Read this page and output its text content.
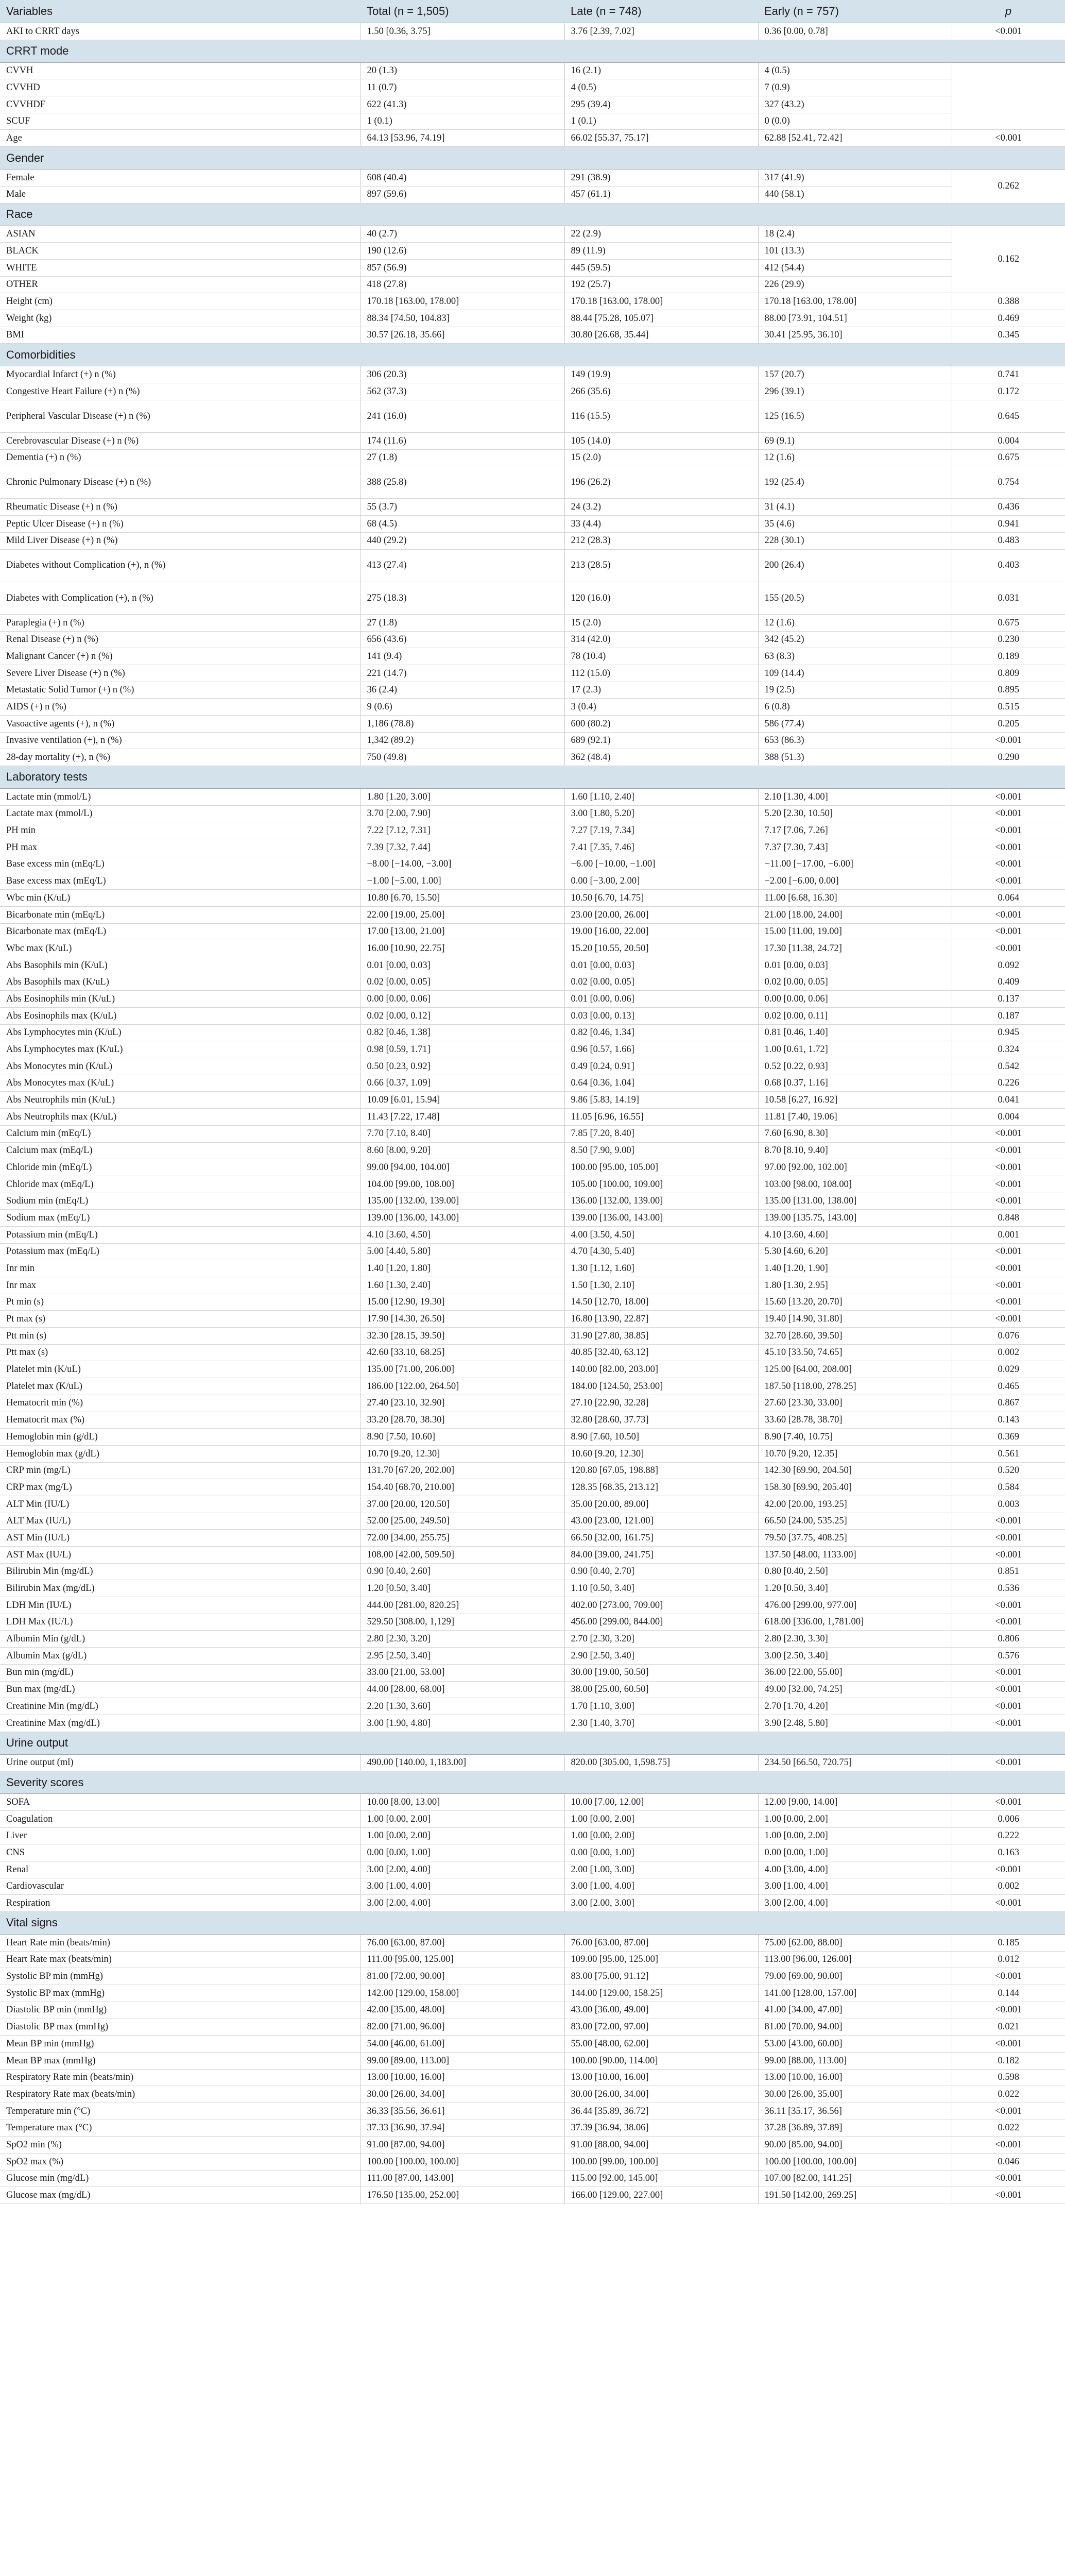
Variables	Total (n = 1,505)	Late (n = 748)	Early (n = 757)	p
AKI to CRRT days	1.50 [0.36, 3.75]	3.76 [2.39, 7.02]	0.36 [0.00, 0.78]	<0.001
CRRT mode				
CVVH	20 (1.3)	16 (2.1)	4 (0.5)	
CVVHD	11 (0.7)	4 (0.5)	7 (0.9)	
CVVHDF	622 (41.3)	295 (39.4)	327 (43.2)	
SCUF	1 (0.1)	1 (0.1)	0 (0.0)	
Age	64.13 [53.96, 74.19]	66.02 [55.37, 75.17]	62.88 [52.41, 72.42]	<0.001
Gender				
Female	608 (40.4)	291 (38.9)	317 (41.9)	0.262
Male	897 (59.6)	457 (61.1)	440 (58.1)	
Race				
ASIAN	40 (2.7)	22 (2.9)	18 (2.4)	0.162
BLACK	190 (12.6)	89 (11.9)	101 (13.3)	
WHITE	857 (56.9)	445 (59.5)	412 (54.4)	
OTHER	418 (27.8)	192 (25.7)	226 (29.9)	
Height (cm)	170.18 [163.00, 178.00]	170.18 [163.00, 178.00]	170.18 [163.00, 178.00]	0.388
Weight (kg)	88.34 [74.50, 104.83]	88.44 [75.28, 105.07]	88.00 [73.91, 104.51]	0.469
BMI	30.57 [26.18, 35.66]	30.80 [26.68, 35.44]	30.41 [25.95, 36.10]	0.345
Comorbidities				
Myocardial Infarct (+) n (%)	306 (20.3)	149 (19.9)	157 (20.7)	0.741
Congestive Heart Failure (+) n (%)	562 (37.3)	266 (35.6)	296 (39.1)	0.172
Peripheral Vascular Disease (+) n (%)	241 (16.0)	116 (15.5)	125 (16.5)	0.645
Cerebrovascular Disease (+) n (%)	174 (11.6)	105 (14.0)	69 (9.1)	0.004
Dementia (+) n (%)	27 (1.8)	15 (2.0)	12 (1.6)	0.675
Chronic Pulmonary Disease (+) n (%)	388 (25.8)	196 (26.2)	192 (25.4)	0.754
Rheumatic Disease (+) n (%)	55 (3.7)	24 (3.2)	31 (4.1)	0.436
Peptic Ulcer Disease (+) n (%)	68 (4.5)	33 (4.4)	35 (4.6)	0.941
Mild Liver Disease (+) n (%)	440 (29.2)	212 (28.3)	228 (30.1)	0.483
Diabetes without Complication (+), n (%)	413 (27.4)	213 (28.5)	200 (26.4)	0.403
Diabetes with Complication (+), n (%)	275 (18.3)	120 (16.0)	155 (20.5)	0.031
Paraplegia (+) n (%)	27 (1.8)	15 (2.0)	12 (1.6)	0.675
Renal Disease (+) n (%)	656 (43.6)	314 (42.0)	342 (45.2)	0.230
Malignant Cancer (+) n (%)	141 (9.4)	78 (10.4)	63 (8.3)	0.189
Severe Liver Disease (+) n (%)	221 (14.7)	112 (15.0)	109 (14.4)	0.809
Metastatic Solid Tumor (+) n (%)	36 (2.4)	17 (2.3)	19 (2.5)	0.895
AIDS (+) n (%)	9 (0.6)	3 (0.4)	6 (0.8)	0.515
Vasoactive agents (+), n (%)	1,186 (78.8)	600 (80.2)	586 (77.4)	0.205
Invasive ventilation (+), n (%)	1,342 (89.2)	689 (92.1)	653 (86.3)	<0.001
28-day mortality (+), n (%)	750 (49.8)	362 (48.4)	388 (51.3)	0.290
Laboratory tests				
Lactate min (mmol/L)	1.80 [1.20, 3.00]	1.60 [1.10, 2.40]	2.10 [1.30, 4.00]	<0.001
Lactate max (mmol/L)	3.70 [2.00, 7.90]	3.00 [1.80, 5.20]	5.20 [2.30, 10.50]	<0.001
PH min	7.22 [7.12, 7.31]	7.27 [7.19, 7.34]	7.17 [7.06, 7.26]	<0.001
PH max	7.39 [7.32, 7.44]	7.41 [7.35, 7.46]	7.37 [7.30, 7.43]	<0.001
Base excess min (mEq/L)	−8.00 [−14.00, −3.00]	−6.00 [−10.00, −1.00]	−11.00 [−17.00, −6.00]	<0.001
Base excess max (mEq/L)	−1.00 [−5.00, 1.00]	0.00 [−3.00, 2.00]	−2.00 [−6.00, 0.00]	<0.001
Wbc min (K/uL)	10.80 [6.70, 15.50]	10.50 [6.70, 14.75]	11.00 [6.68, 16.30]	0.064
Bicarbonate min (mEq/L)	22.00 [19.00, 25.00]	23.00 [20.00, 26.00]	21.00 [18.00, 24.00]	<0.001
Bicarbonate max (mEq/L)	17.00 [13.00, 21.00]	19.00 [16.00, 22.00]	15.00 [11.00, 19.00]	<0.001
Wbc max (K/uL)	16.00 [10.90, 22.75]	15.20 [10.55, 20.50]	17.30 [11.38, 24.72]	<0.001
Abs Basophils min (K/uL)	0.01 [0.00, 0.03]	0.01 [0.00, 0.03]	0.01 [0.00, 0.03]	0.092
Abs Basophils max (K/uL)	0.02 [0.00, 0.05]	0.02 [0.00, 0.05]	0.02 [0.00, 0.05]	0.409
Abs Eosinophils min (K/uL)	0.00 [0.00, 0.06]	0.01 [0.00, 0.06]	0.00 [0.00, 0.06]	0.137
Abs Eosinophils max (K/uL)	0.02 [0.00, 0.12]	0.03 [0.00, 0.13]	0.02 [0.00, 0.11]	0.187
Abs Lymphocytes min (K/uL)	0.82 [0.46, 1.38]	0.82 [0.46, 1.34]	0.81 [0.46, 1.40]	0.945
Abs Lymphocytes max (K/uL)	0.98 [0.59, 1.71]	0.96 [0.57, 1.66]	1.00 [0.61, 1.72]	0.324
Abs Monocytes min (K/uL)	0.50 [0.23, 0.92]	0.49 [0.24, 0.91]	0.52 [0.22, 0.93]	0.542
Abs Monocytes max (K/uL)	0.66 [0.37, 1.09]	0.64 [0.36, 1.04]	0.68 [0.37, 1.16]	0.226
Abs Neutrophils min (K/uL)	10.09 [6.01, 15.94]	9.86 [5.83, 14.19]	10.58 [6.27, 16.92]	0.041
Abs Neutrophils max (K/uL)	11.43 [7.22, 17.48]	11.05 [6.96, 16.55]	11.81 [7.40, 19.06]	0.004
Calcium min (mEq/L)	7.70 [7.10, 8.40]	7.85 [7.20, 8.40]	7.60 [6.90, 8.30]	<0.001
Calcium max (mEq/L)	8.60 [8.00, 9.20]	8.50 [7.90, 9.00]	8.70 [8.10, 9.40]	<0.001
Chloride min (mEq/L)	99.00 [94.00, 104.00]	100.00 [95.00, 105.00]	97.00 [92.00, 102.00]	<0.001
Chloride max (mEq/L)	104.00 [99.00, 108.00]	105.00 [100.00, 109.00]	103.00 [98.00, 108.00]	<0.001
Sodium min (mEq/L)	135.00 [132.00, 139.00]	136.00 [132.00, 139.00]	135.00 [131.00, 138.00]	<0.001
Sodium max (mEq/L)	139.00 [136.00, 143.00]	139.00 [136.00, 143.00]	139.00 [135.75, 143.00]	0.848
Potassium min (mEq/L)	4.10 [3.60, 4.50]	4.00 [3.50, 4.50]	4.10 [3.60, 4.60]	0.001
Potassium max (mEq/L)	5.00 [4.40, 5.80]	4.70 [4.30, 5.40]	5.30 [4.60, 6.20]	<0.001
Inr min	1.40 [1.20, 1.80]	1.30 [1.12, 1.60]	1.40 [1.20, 1.90]	<0.001
Inr max	1.60 [1.30, 2.40]	1.50 [1.30, 2.10]	1.80 [1.30, 2.95]	<0.001
Pt min (s)	15.00 [12.90, 19.30]	14.50 [12.70, 18.00]	15.60 [13.20, 20.70]	<0.001
Pt max (s)	17.90 [14.30, 26.50]	16.80 [13.90, 22.87]	19.40 [14.90, 31.80]	<0.001
Ptt min (s)	32.30 [28.15, 39.50]	31.90 [27.80, 38.85]	32.70 [28.60, 39.50]	0.076
Ptt max (s)	42.60 [33.10, 68.25]	40.85 [32.40, 63.12]	45.10 [33.50, 74.65]	0.002
Platelet min (K/uL)	135.00 [71.00, 206.00]	140.00 [82.00, 203.00]	125.00 [64.00, 208.00]	0.029
Platelet max (K/uL)	186.00 [122.00, 264.50]	184.00 [124.50, 253.00]	187.50 [118.00, 278.25]	0.465
Hematocrit min (%)	27.40 [23.10, 32.90]	27.10 [22.90, 32.28]	27.60 [23.30, 33.00]	0.867
Hematocrit max (%)	33.20 [28.70, 38.30]	32.80 [28.60, 37.73]	33.60 [28.78, 38.70]	0.143
Hemoglobin min (g/dL)	8.90 [7.50, 10.60]	8.90 [7.60, 10.50]	8.90 [7.40, 10.75]	0.369
Hemoglobin max (g/dL)	10.70 [9.20, 12.30]	10.60 [9.20, 12.30]	10.70 [9.20, 12.35]	0.561
CRP min (mg/L)	131.70 [67.20, 202.00]	120.80 [67.05, 198.88]	142.30 [69.90, 204.50]	0.520
CRP max (mg/L)	154.40 [68.70, 210.00]	128.35 [68.35, 213.12]	158.30 [69.90, 205.40]	0.584
ALT Min (IU/L)	37.00 [20.00, 120.50]	35.00 [20.00, 89.00]	42.00 [20.00, 193.25]	0.003
ALT Max (IU/L)	52.00 [25.00, 249.50]	43.00 [23.00, 121.00]	66.50 [24.00, 535.25]	<0.001
AST Min (IU/L)	72.00 [34.00, 255.75]	66.50 [32.00, 161.75]	79.50 [37.75, 408.25]	<0.001
AST Max (IU/L)	108.00 [42.00, 509.50]	84.00 [39.00, 241.75]	137.50 [48.00, 1133.00]	<0.001
Bilirubin Min (mg/dL)	0.90 [0.40, 2.60]	0.90 [0.40, 2.70]	0.80 [0.40, 2.50]	0.851
Bilirubin Max (mg/dL)	1.20 [0.50, 3.40]	1.10 [0.50, 3.40]	1.20 [0.50, 3.40]	0.536
LDH Min (IU/L)	444.00 [281.00, 820.25]	402.00 [273.00, 709.00]	476.00 [299.00, 977.00]	<0.001
LDH Max (IU/L)	529.50 [308.00, 1,129]	456.00 [299.00, 844.00]	618.00 [336.00, 1,781.00]	<0.001
Albumin Min (g/dL)	2.80 [2.30, 3.20]	2.70 [2.30, 3.20]	2.80 [2.30, 3.30]	0.806
Albumin Max (g/dL)	2.95 [2.50, 3.40]	2.90 [2.50, 3.40]	3.00 [2.50, 3.40]	0.576
Bun min (mg/dL)	33.00 [21.00, 53.00]	30.00 [19.00, 50.50]	36.00 [22.00, 55.00]	<0.001
Bun max (mg/dL)	44.00 [28.00, 68.00]	38.00 [25.00, 60.50]	49.00 [32.00, 74.25]	<0.001
Creatinine Min (mg/dL)	2.20 [1.30, 3.60]	1.70 [1.10, 3.00]	2.70 [1.70, 4.20]	<0.001
Creatinine Max (mg/dL)	3.00 [1.90, 4.80]	2.30 [1.40, 3.70]	3.90 [2.48, 5.80]	<0.001
Urine output				
Urine output (ml)	490.00 [140.00, 1,183.00]	820.00 [305.00, 1,598.75]	234.50 [66.50, 720.75]	<0.001
Severity scores				
SOFA	10.00 [8.00, 13.00]	10.00 [7.00, 12.00]	12.00 [9.00, 14.00]	<0.001
Coagulation	1.00 [0.00, 2.00]	1.00 [0.00, 2.00]	1.00 [0.00, 2.00]	0.006
Liver	1.00 [0.00, 2.00]	1.00 [0.00, 2.00]	1.00 [0.00, 2.00]	0.222
CNS	0.00 [0.00, 1.00]	0.00 [0.00, 1.00]	0.00 [0.00, 1.00]	0.163
Renal	3.00 [2.00, 4.00]	2.00 [1.00, 3.00]	4.00 [3.00, 4.00]	<0.001
Cardiovascular	3.00 [1.00, 4.00]	3.00 [1.00, 4.00]	3.00 [1.00, 4.00]	0.002
Respiration	3.00 [2.00, 4.00]	3.00 [2.00, 3.00]	3.00 [2.00, 4.00]	<0.001
Vital signs				
Heart Rate min (beats/min)	76.00 [63.00, 87.00]	76.00 [63.00, 87.00]	75.00 [62.00, 88.00]	0.185
Heart Rate max (beats/min)	111.00 [95.00, 125.00]	109.00 [95.00, 125.00]	113.00 [96.00, 126.00]	0.012
Systolic BP min (mmHg)	81.00 [72.00, 90.00]	83.00 [75.00, 91.12]	79.00 [69.00, 90.00]	<0.001
Systolic BP max (mmHg)	142.00 [129.00, 158.00]	144.00 [129.00, 158.25]	141.00 [128.00, 157.00]	0.144
Diastolic BP min (mmHg)	42.00 [35.00, 48.00]	43.00 [36.00, 49.00]	41.00 [34.00, 47.00]	<0.001
Diastolic BP max (mmHg)	82.00 [71.00, 96.00]	83.00 [72.00, 97.00]	81.00 [70.00, 94.00]	0.021
Mean BP min (mmHg)	54.00 [46.00, 61.00]	55.00 [48.00, 62.00]	53.00 [43.00, 60.00]	<0.001
Mean BP max (mmHg)	99.00 [89.00, 113.00]	100.00 [90.00, 114.00]	99.00 [88.00, 113.00]	0.182
Respiratory Rate min (beats/min)	13.00 [10.00, 16.00]	13.00 [10.00, 16.00]	13.00 [10.00, 16.00]	0.598
Respiratory Rate max (beats/min)	30.00 [26.00, 34.00]	30.00 [26.00, 34.00]	30.00 [26.00, 35.00]	0.022
Temperature min (°C)	36.33 [35.56, 36.61]	36.44 [35.89, 36.72]	36.11 [35.17, 36.56]	<0.001
Temperature max (°C)	37.33 [36.90, 37.94]	37.39 [36.94, 38.06]	37.28 [36.89, 37.89]	0.022
SpO2 min (%)	91.00 [87.00, 94.00]	91.00 [88.00, 94.00]	90.00 [85.00, 94.00]	<0.001
SpO2 max (%)	100.00 [100.00, 100.00]	100.00 [99.00, 100.00]	100.00 [100.00, 100.00]	0.046
Glucose min (mg/dL)	111.00 [87.00, 143.00]	115.00 [92.00, 145.00]	107.00 [82.00, 141.25]	<0.001
Glucose max (mg/dL)	176.50 [135.00, 252.00]	166.00 [129.00, 227.00]	191.50 [142.00, 269.25]	<0.001
